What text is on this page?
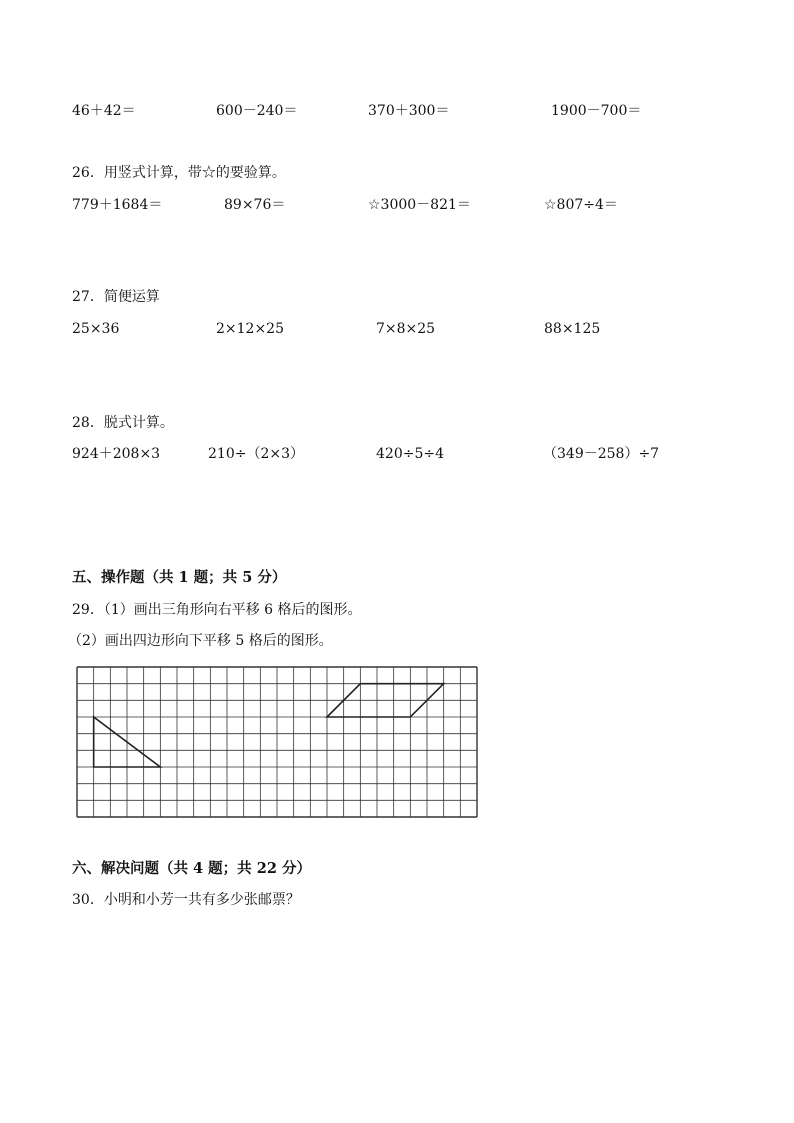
46＋42＝	600－240＝	370＋300＝	1900－700＝
26．用竖式计算，带☆的要验算。
779＋1684＝	89×76＝	☆3000－821＝	☆807÷4＝
27．简便运算
25×36	2×12×25	7×8×25	88×125
28．脱式计算。
924＋208×3	210÷（2×3）	420÷5÷4	（349－258）÷7
五、操作题（共 1 题；共 5 分）
29．（1）画出三角形向右平移 6 格后的图形。
（2）画出四边形向下平移 5 格后的图形。
六、解决问题（共 4 题；共 22 分）
30．小明和小芳一共有多少张邮票？
